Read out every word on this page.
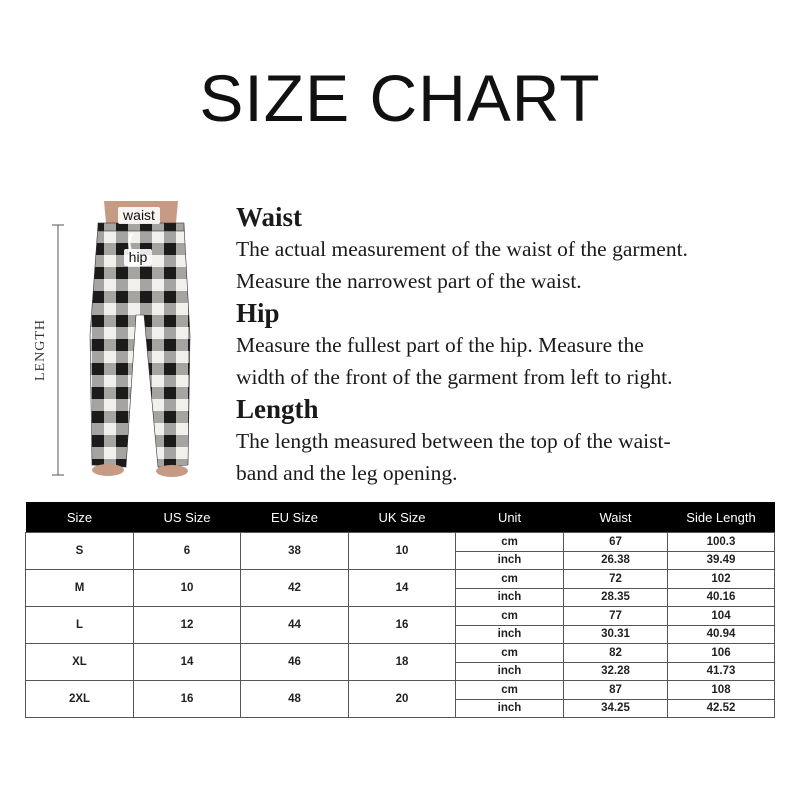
SIZE CHART
waist
hip
LENGTH
Waist
The actual measurement of the waist of the garment.
Measure the narrowest part of the waist.
Hip
Measure the fullest part of the hip. Measure the
width of the front of the garment from left to right.
Length
The length measured between the top of the waist-
band and the leg opening.
Size	US Size	EU Size	UK Size	Unit	Waist	Side Length
S	6	38	10	cm	67	100.3
				inch	26.38	39.49
M	10	42	14	cm	72	102
				inch	28.35	40.16
L	12	44	16	cm	77	104
				inch	30.31	40.94
XL	14	46	18	cm	82	106
				inch	32.28	41.73
2XL	16	48	20	cm	87	108
				inch	34.25	42.52
